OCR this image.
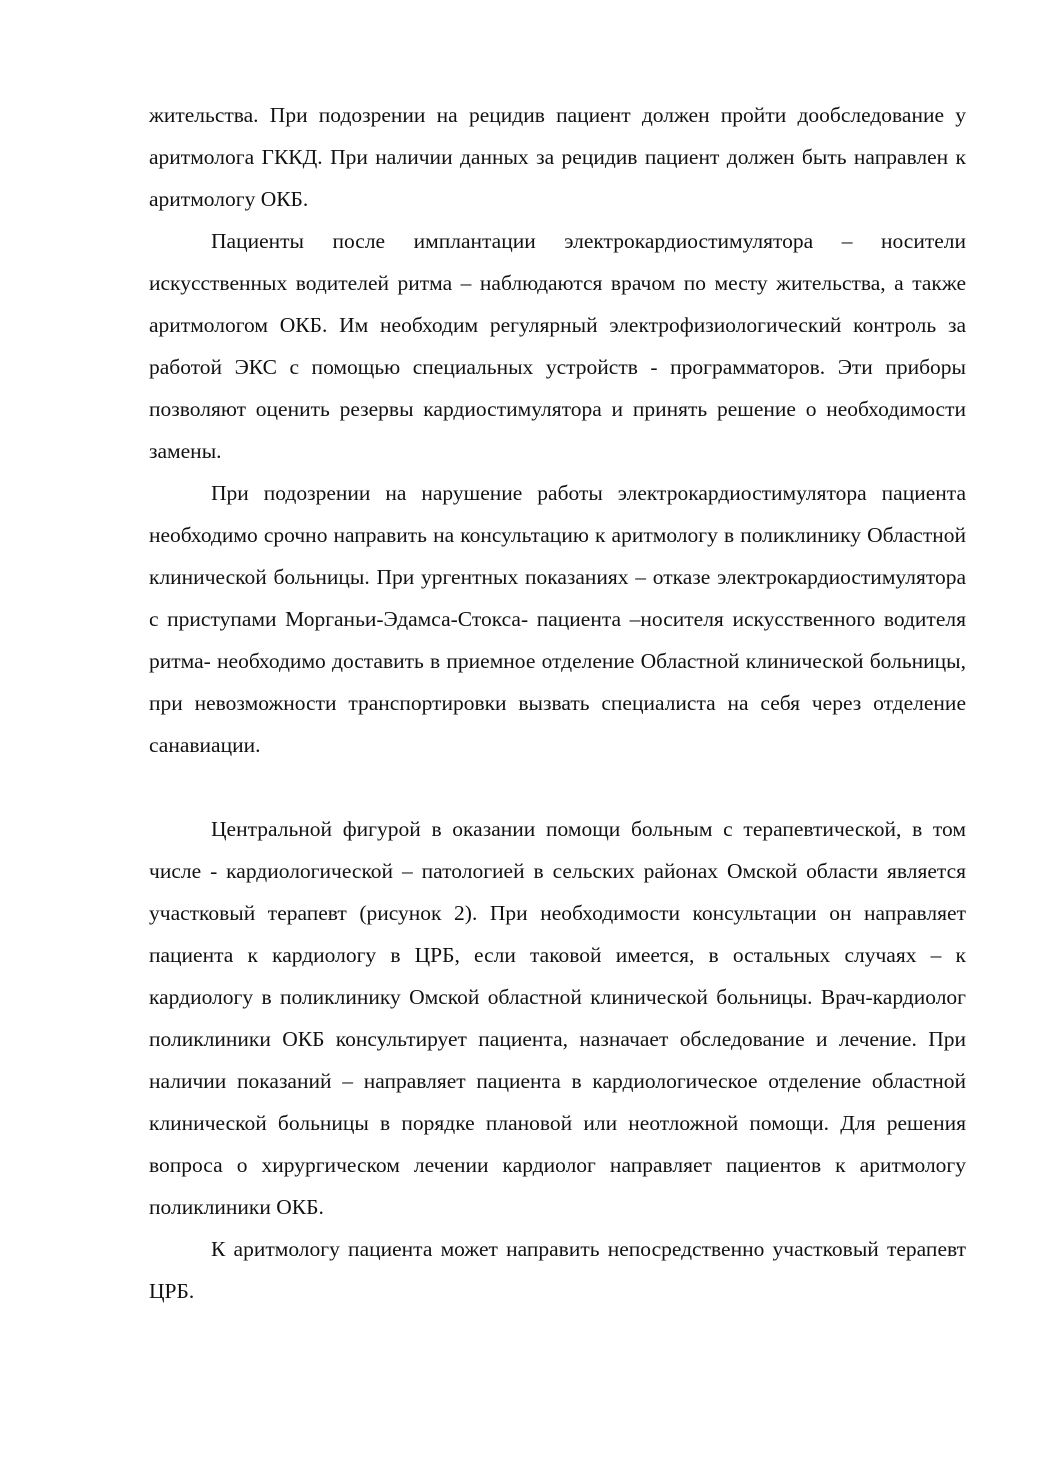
жительства. При подозрении на рецидив пациент должен пройти дообследование у аритмолога ГККД. При наличии данных за рецидив пациент должен быть направлен к аритмологу ОКБ.

Пациенты после имплантации электрокардиостимулятора – носители искусственных водителей ритма – наблюдаются врачом по месту жительства, а также аритмологом ОКБ. Им необходим регулярный электрофизиологический контроль за работой ЭКС с помощью специальных устройств - программаторов. Эти приборы позволяют оценить резервы кардиостимулятора и принять решение о необходимости замены.

При подозрении на нарушение работы электрокардиостимулятора пациента необходимо срочно направить на консультацию к аритмологу в поликлинику Областной клинической больницы. При ургентных показаниях – отказе электрокардиостимулятора с приступами Морганьи-Эдамса-Стокса- пациента –носителя искусственного водителя ритма- необходимо доставить в приемное отделение Областной клинической больницы, при невозможности транспортировки вызвать специалиста на себя через отделение санавиации.

Центральной фигурой в оказании помощи больным с терапевтической, в том числе - кардиологической – патологией в сельских районах Омской области является участковый терапевт (рисунок 2). При необходимости консультации он направляет пациента к кардиологу в ЦРБ, если таковой имеется, в остальных случаях – к кардиологу в поликлинику Омской областной клинической больницы. Врач-кардиолог поликлиники ОКБ консультирует пациента, назначает обследование и лечение. При наличии показаний – направляет пациента в кардиологическое отделение областной клинической больницы в порядке плановой или неотложной помощи. Для решения вопроса о хирургическом лечении кардиолог направляет пациентов к аритмологу поликлиники ОКБ.

К аритмологу пациента может направить непосредственно участковый терапевт ЦРБ.
